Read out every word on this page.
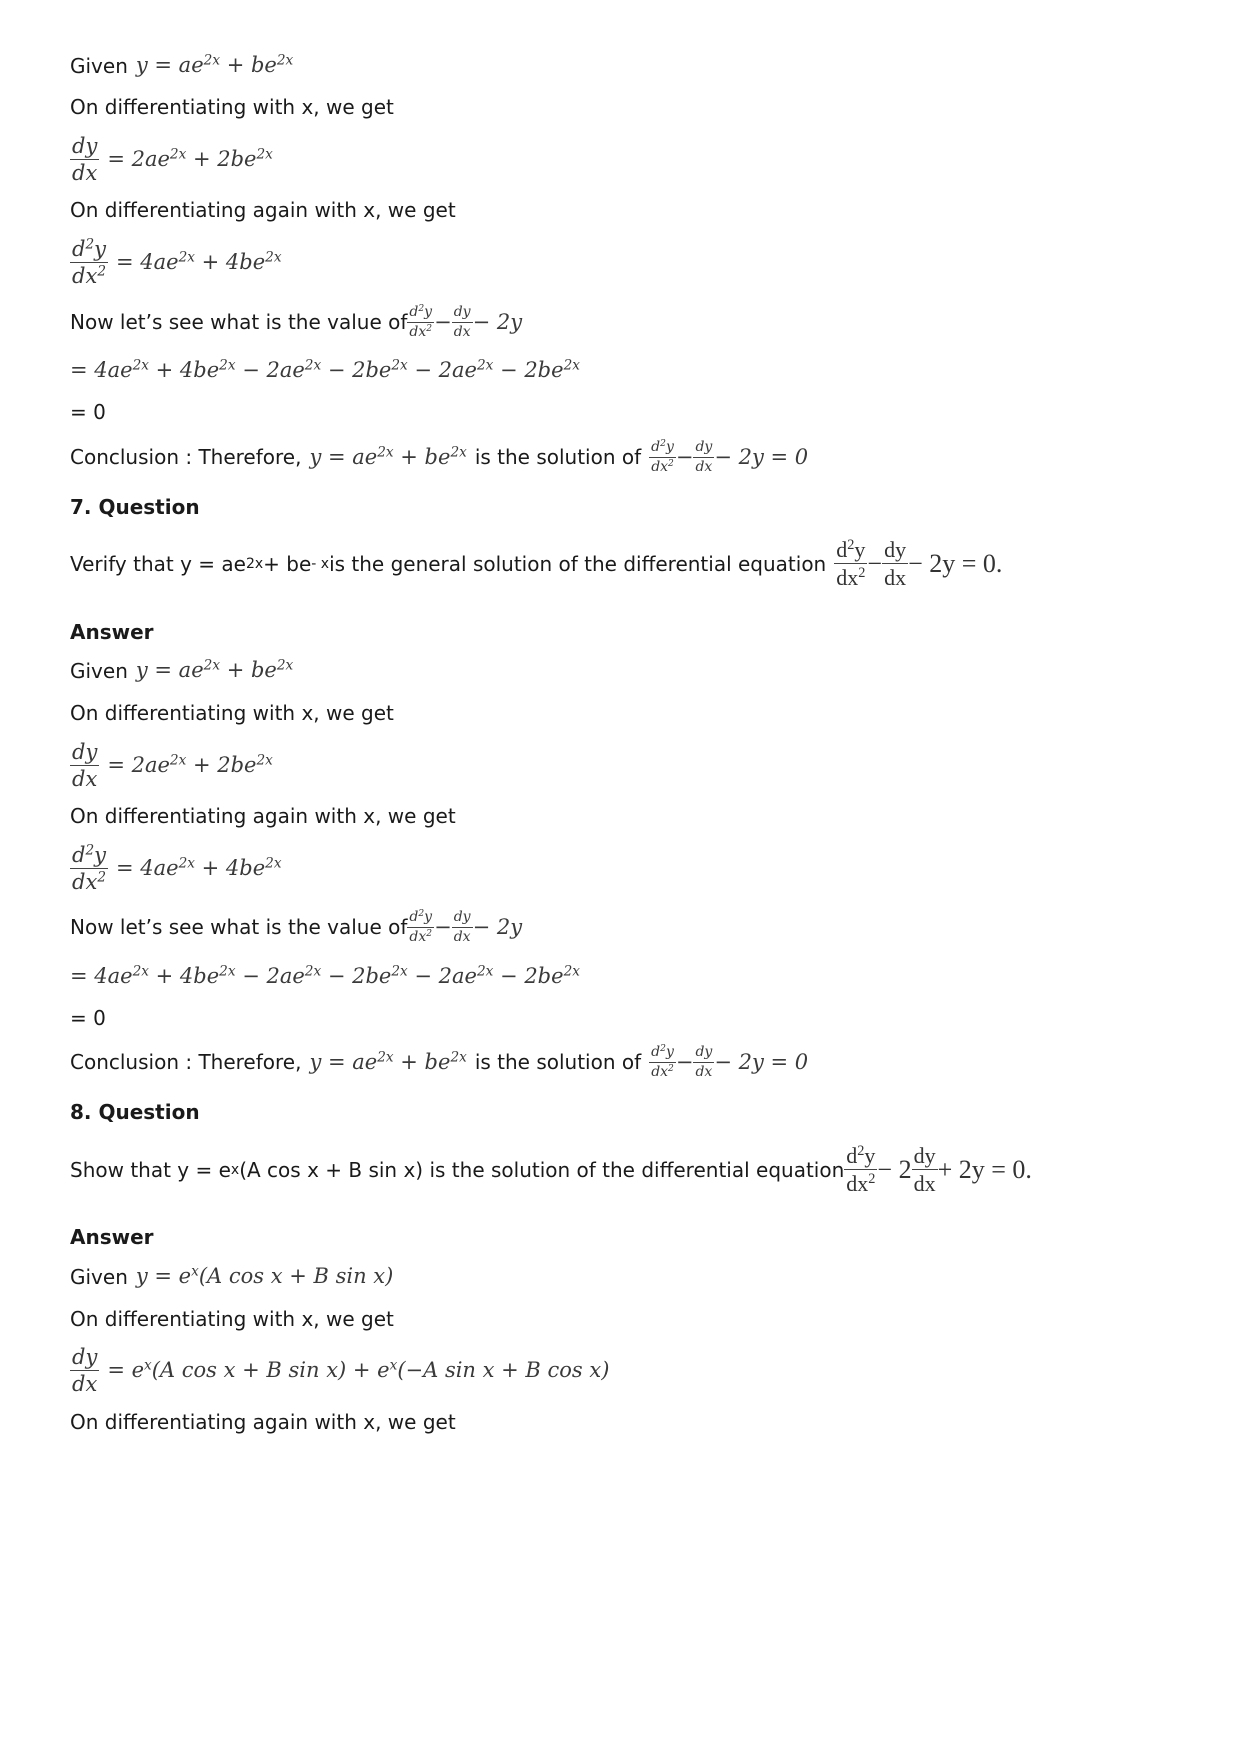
Given $y = ae^{2x} + be^{2x}$
On differentiating with x, we get
$\frac{dy}{dx} = 2ae^{2x} + 2be^{2x}$
On differentiating again with x, we get
$\frac{d^2y}{dx^2} = 4ae^{2x} + 4be^{2x}$
Now let’s see what is the value of $\frac{d^2y}{dx^2} - \frac{dy}{dx} - 2y$
= $4ae^{2x} + 4be^{2x} - 2ae^{2x} - 2be^{2x} - 2ae^{2x} - 2be^{2x}$
= 0
Conclusion : Therefore, $y = ae^{2x} + be^{2x}$ is the solution of $\frac{d^2y}{dx^2} - \frac{dy}{dx} - 2y = 0$
7. Question
Verify that y = ae 2x + be - x is the general solution of the differential equation $\frac{d^2y}{dx^2} - \frac{dy}{dx} - 2y = 0$.
Answer
Given $y = ae^{2x} + be^{2x}$
On differentiating with x, we get
$\frac{dy}{dx} = 2ae^{2x} + 2be^{2x}$
On differentiating again with x, we get
$\frac{d^2y}{dx^2} = 4ae^{2x} + 4be^{2x}$
Now let’s see what is the value of $\frac{d^2y}{dx^2} - \frac{dy}{dx} - 2y$
= $4ae^{2x} + 4be^{2x} - 2ae^{2x} - 2be^{2x} - 2ae^{2x} - 2be^{2x}$
= 0
Conclusion : Therefore, $y = ae^{2x} + be^{2x}$ is the solution of $\frac{d^2y}{dx^2} - \frac{dy}{dx} - 2y = 0$
8. Question
Show that y = e x (A cos x + B sin x) is the solution of the differential equation $\frac{d^2y}{dx^2} - 2 \frac{dy}{dx} + 2y = 0$.
Answer
Given $y = e^x(A$ cos x + B sin x)
On differentiating with x, we get
$\frac{dy}{dx} = e^x(A$ cos x + B $\sin x) + e^x(-A$ sin x + B cos x)
On differentiating again with x, we get
